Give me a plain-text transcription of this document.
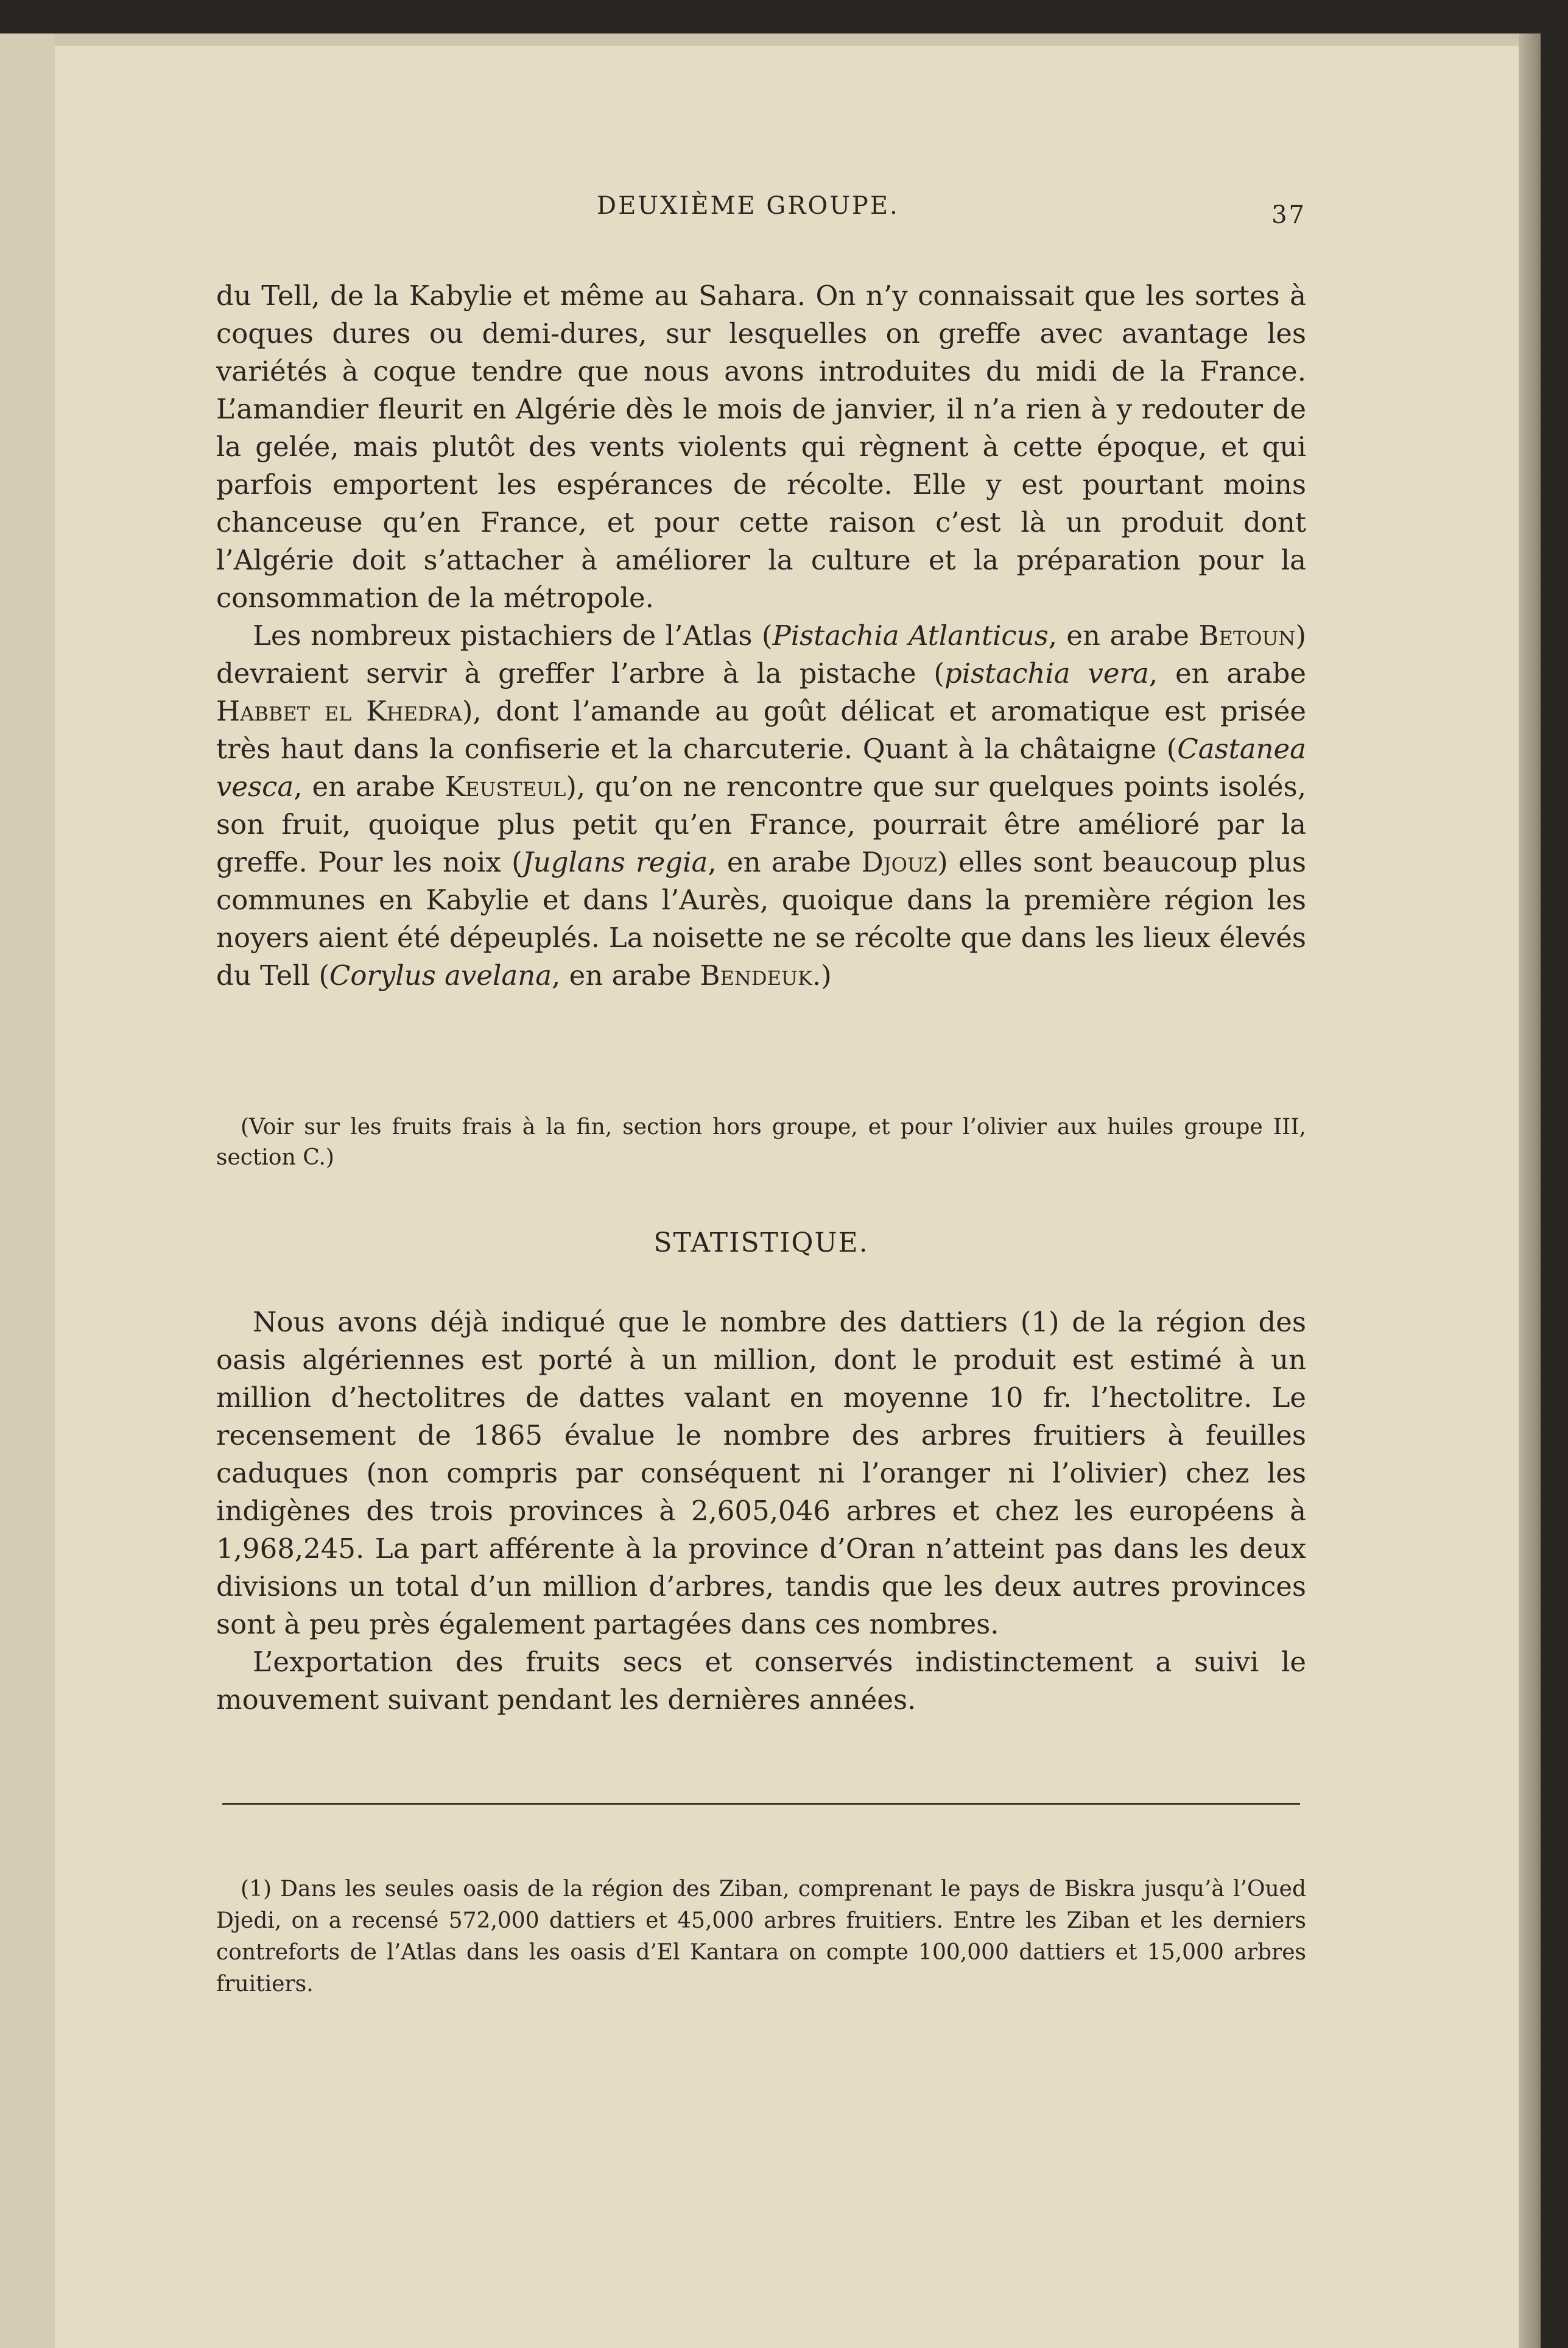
DEUXIÈME GROUPE.	37

du Tell, de la Kabylie et même au Sahara. On n’y connaissait que les sortes à coques dures ou demi-dures, sur lesquelles on greffe avec avantage les variétés à coque tendre que nous avons introduites du midi de la France. L’amandier fleurit en Algérie dès le mois de janvier, il n’a rien à y redouter de la gelée, mais plutôt des vents violents qui règnent à cette époque, et qui parfois emportent les espérances de récolte. Elle y est pourtant moins chanceuse qu’en France, et pour cette raison c’est là un produit dont l’Algérie doit s’attacher à améliorer la culture et la préparation pour la consommation de la métropole.

Les nombreux pistachiers de l’Atlas (Pistachia Atlanticus, en arabe Betoun) devraient servir à greffer l’arbre à la pistache (pistachia vera, en arabe Habbet el Khedra), dont l’amande au goût délicat et aromatique est prisée très haut dans la confiserie et la charcuterie. Quant à la châtaigne (Castanea vesca, en arabe Keusteul), qu’on ne rencontre que sur quelques points isolés, son fruit, quoique plus petit qu’en France, pourrait être amélioré par la greffe. Pour les noix (Juglans regia, en arabe Djouz) elles sont beaucoup plus communes en Kabylie et dans l’Aurès, quoique dans la première région les noyers aient été dépeuplés. La noisette ne se récolte que dans les lieux élevés du Tell (Corylus avelana, en arabe Bendeuk.)

(Voir sur les fruits frais à la fin, section hors groupe, et pour l’olivier aux huiles groupe III, section C.)

STATISTIQUE.

Nous avons déjà indiqué que le nombre des dattiers (1) de la région des oasis algériennes est porté à un million, dont le produit est estimé à un million d’hectolitres de dattes valant en moyenne 10 fr. l’hectolitre. Le recensement de 1865 évalue le nombre des arbres fruitiers à feuilles caduques (non compris par conséquent ni l’oranger ni l’olivier) chez les indigènes des trois provinces à 2,605,046 arbres et chez les européens à 1,968,245. La part afférente à la province d’Oran n’atteint pas dans les deux divisions un total d’un million d’arbres, tandis que les deux autres provinces sont à peu près également partagées dans ces nombres.

L’exportation des fruits secs et conservés indistinctement a suivi le mouvement suivant pendant les dernières années.

(1) Dans les seules oasis de la région des Ziban, comprenant le pays de Biskra jusqu’à l’Oued Djedi, on a recensé 572,000 dattiers et 45,000 arbres fruitiers. Entre les Ziban et les derniers contreforts de l’Atlas dans les oasis d’El Kantara on compte 100,000 dattiers et 15,000 arbres fruitiers.
